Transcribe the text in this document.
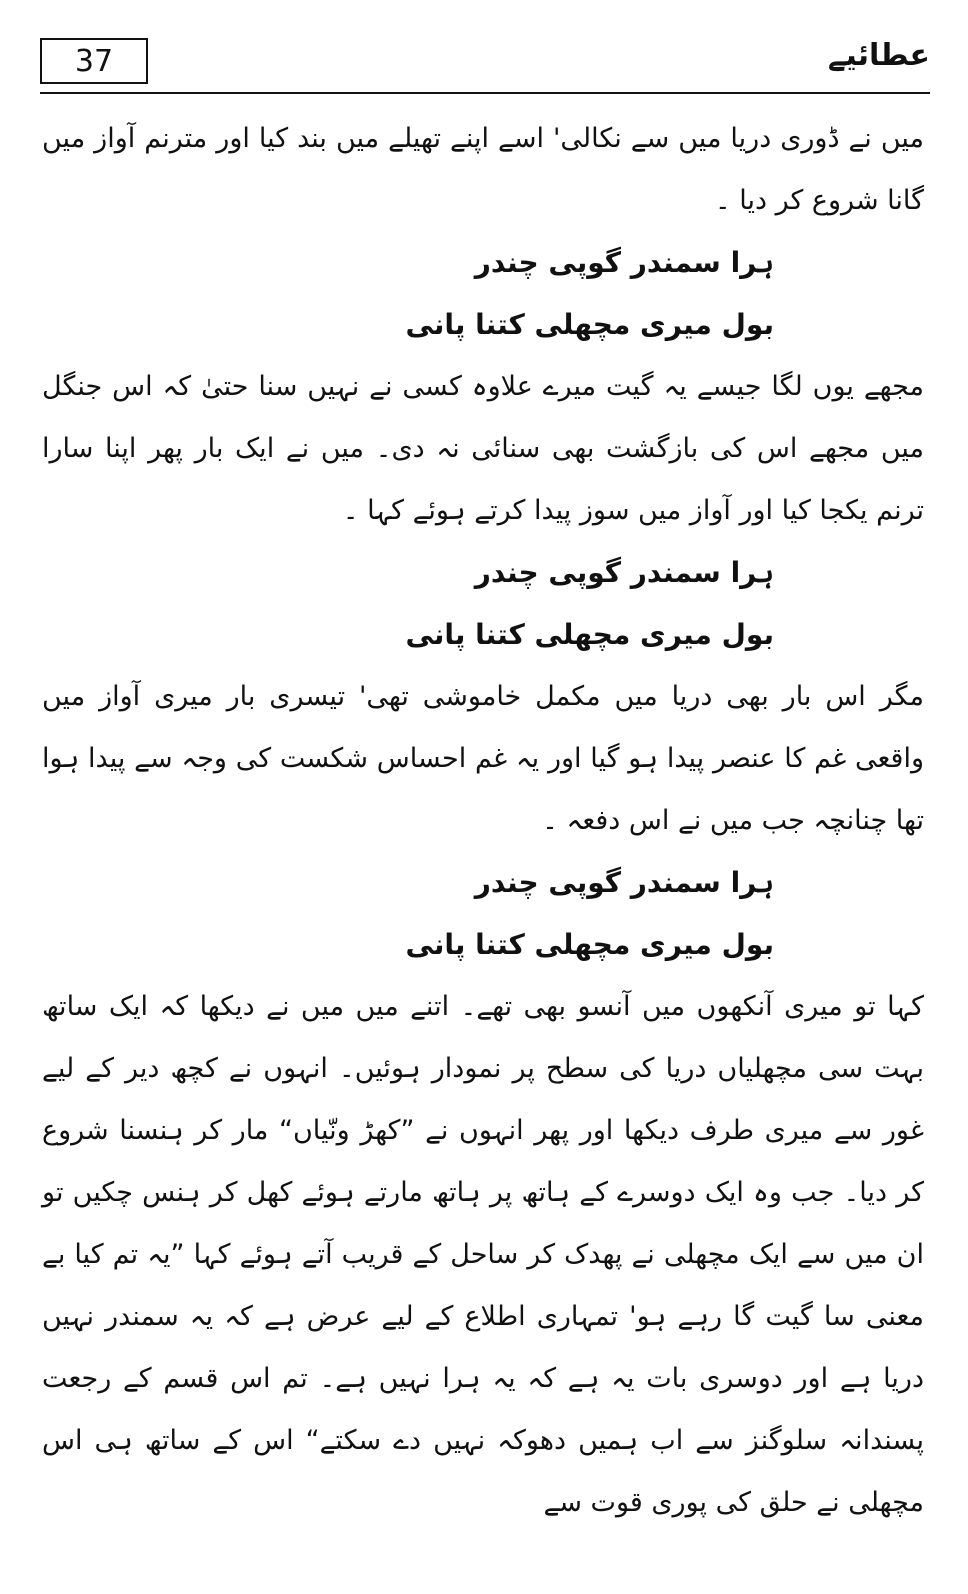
37	عطائیے

میں نے ڈوری دریا میں سے نکالی' اسے اپنے تھیلے میں بند کیا اور مترنم آواز میں گانا شروع کر دیا ۔

ہرا سمندر گوپی چندر

بول میری مچھلی کتنا پانی

مجھے یوں لگا جیسے یہ گیت میرے علاوہ کسی نے نہیں سنا حتیٰ کہ اس جنگل میں مجھے اس کی بازگشت بھی سنائی نہ دی۔ میں نے ایک بار پھر اپنا سارا ترنم یکجا کیا اور آواز میں سوز پیدا کرتے ہوئے کہا ۔

ہرا سمندر گوپی چندر

بول میری مچھلی کتنا پانی

مگر اس بار بھی دریا میں مکمل خاموشی تھی' تیسری بار میری آواز میں واقعی غم کا عنصر پیدا ہو گیا اور یہ غم احساس شکست کی وجہ سے پیدا ہوا تھا چنانچہ جب میں نے اس دفعہ ۔

ہرا سمندر گوپی چندر

بول میری مچھلی کتنا پانی

کہا تو میری آنکھوں میں آنسو بھی تھے۔ اتنے میں میں نے دیکھا کہ ایک ساتھ بہت سی مچھلیاں دریا کی سطح پر نمودار ہوئیں۔ انہوں نے کچھ دیر کے لیے غور سے میری طرف دیکھا اور پھر انہوں نے ”کھڑ ونّیاں“ مار کر ہنسنا شروع کر دیا۔ جب وہ ایک دوسرے کے ہاتھ پر ہاتھ مارتے ہوئے کھل کر ہنس چکیں تو ان میں سے ایک مچھلی نے پھدک کر ساحل کے قریب آتے ہوئے کہا ”یہ تم کیا بے معنی سا گیت گا رہے ہو' تمہاری اطلاع کے لیے عرض ہے کہ یہ سمندر نہیں دریا ہے اور دوسری بات یہ ہے کہ یہ ہرا نہیں ہے۔ تم اس قسم کے رجعت پسندانہ سلوگنز سے اب ہمیں دھوکہ نہیں دے سکتے“ اس کے ساتھ ہی اس مچھلی نے حلق کی پوری قوت سے
